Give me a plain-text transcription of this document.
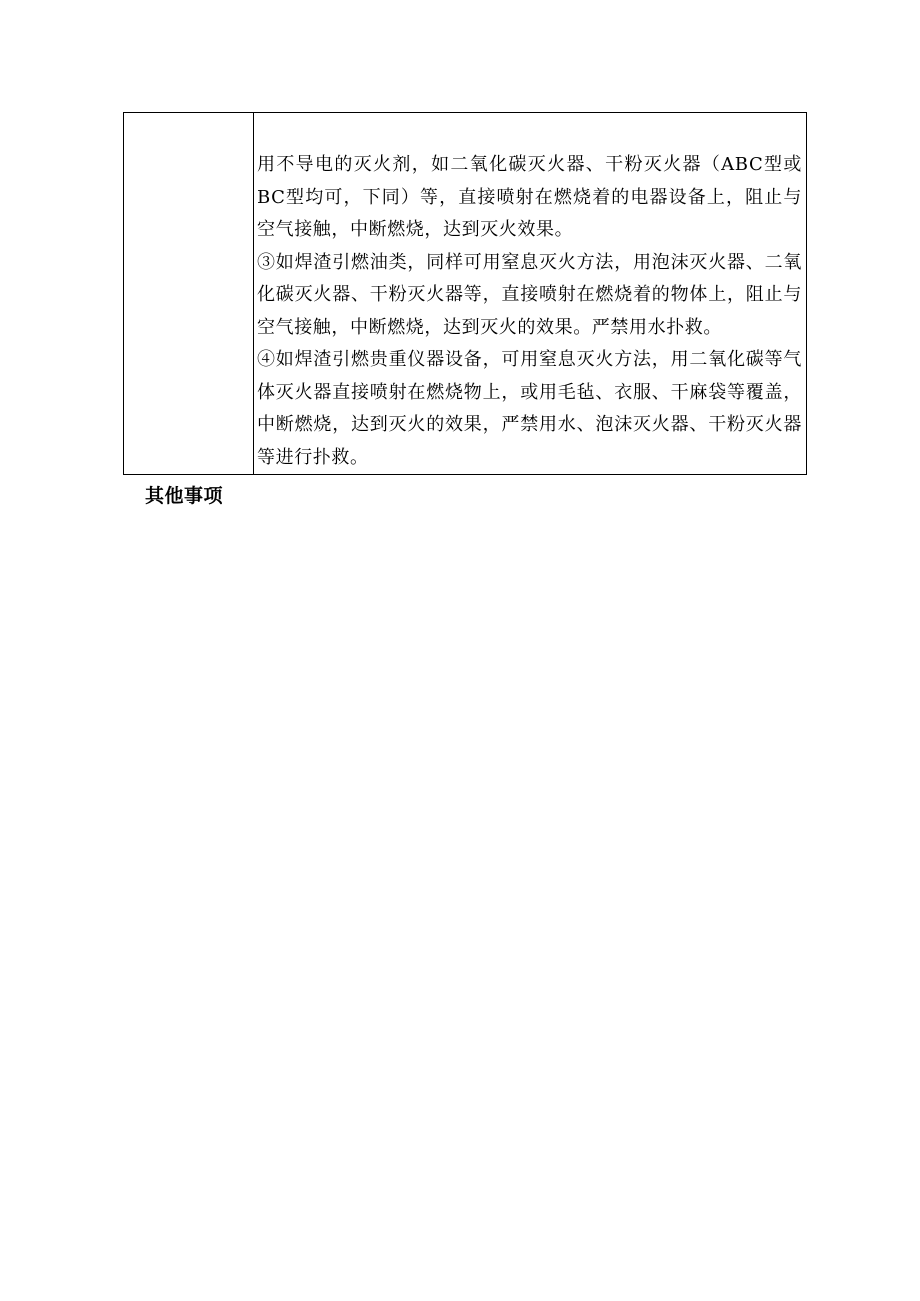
用不导电的灭火剂，如二氧化碳灭火器、干粉灭火器（ABC型或BC型均可，下同）等，直接喷射在燃烧着的电器设备上，阻止与空气接触，中断燃烧，达到灭火效果。

③如焊渣引燃油类，同样可用窒息灭火方法，用泡沫灭火器、二氧化碳灭火器、干粉灭火器等，直接喷射在燃烧着的物体上，阻止与空气接触，中断燃烧，达到灭火的效果。严禁用水扑救。

④如焊渣引燃贵重仪器设备，可用窒息灭火方法，用二氧化碳等气体灭火器直接喷射在燃烧物上，或用毛毡、衣服、干麻袋等覆盖，中断燃烧，达到灭火的效果，严禁用水、泡沫灭火器、干粉灭火器等进行扑救。

其他事项
